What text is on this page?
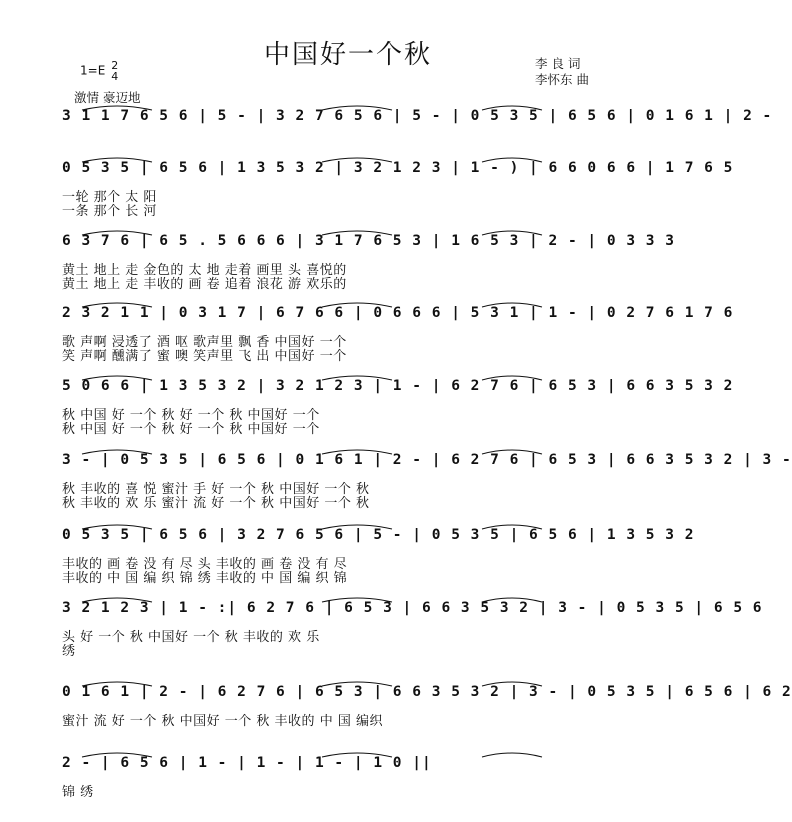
中国好一个秋	李 良 词
李怀东 曲
1=E 2
4
激情 豪迈地
3 1 1 7 6 5 6 | 5 - | 3 2 7 6 5 6 | 5 - | 0 5 3 5 | 6 5 6 | 0 1 6 1 | 2 -
0 5 3 5 | 6 5 6 | 1 3 5 3 2 | 3 2 1 2 3 | 1 - ) | 6 6 0 6 6 | 1 7 6 5
一轮 那个 太 阳
一条 那个 长 河
6 3 7 6 | 6 5 . 5 6 6 6 | 3 1 7 6 5 3 | 1 6 5 3 | 2 - | 0 3 3 3
黄土 地上 走 金色的 太 地 走着 画里 头 喜悦的
黄土 地上 走 丰收的 画 卷 追着 浪花 游 欢乐的
2 3 2 1 1 | 0 3 1 7 | 6 7 6 6 | 0 6 6 6 | 5 3 1 | 1 - | 0 2 7 6 1 7 6
歌 声啊 浸透了 酒 呕 歌声里 飘 香 中国好 一个
笑 声啊 醺满了 蜜 噢 笑声里 飞 出 中国好 一个
5 0 6 6 | 1 3 5 3 2 | 3 2 1 2 3 | 1 - | 6 2 7 6 | 6 5 3 | 6 6 3 5 3 2
秋 中国 好 一个 秋 好 一个 秋 中国好 一个
秋 中国 好 一个 秋 好 一个 秋 中国好 一个
3 - | 0 5 3 5 | 6 5 6 | 0 1 6 1 | 2 - | 6 2 7 6 | 6 5 3 | 6 6 3 5 3 2 | 3 -
秋 丰收的 喜 悦 蜜汁 手 好 一个 秋 中国好 一个 秋
秋 丰收的 欢 乐 蜜汁 流 好 一个 秋 中国好 一个 秋
0 5 3 5 | 6 5 6 | 3 2 7 6 5 6 | 5 - | 0 5 3 5 | 6 5 6 | 1 3 5 3 2
丰收的 画 卷 没 有 尽 头 丰收的 画 卷 没 有 尽
丰收的 中 国 编 织 锦 绣 丰收的 中 国 编 织 锦
3 2 1 2 3 | 1 - :| 6 2 7 6 | 6 5 3 | 6 6 3 5 3 2 | 3 - | 0 5 3 5 | 6 5 6
头 好 一个 秋 中国好 一个 秋 丰收的 欢 乐
绣
0 1 6 1 | 2 - | 6 2 7 6 | 6 5 3 | 6 6 3 5 3 2 | 3 - | 0 5 3 5 | 6 5 6 | 6 2
蜜汁 流 好 一个 秋 中国好 一个 秋 丰收的 中 国 编织
2 - | 6 5 6 | 1 - | 1 - | 1 - | 1 0 ||
锦 绣
